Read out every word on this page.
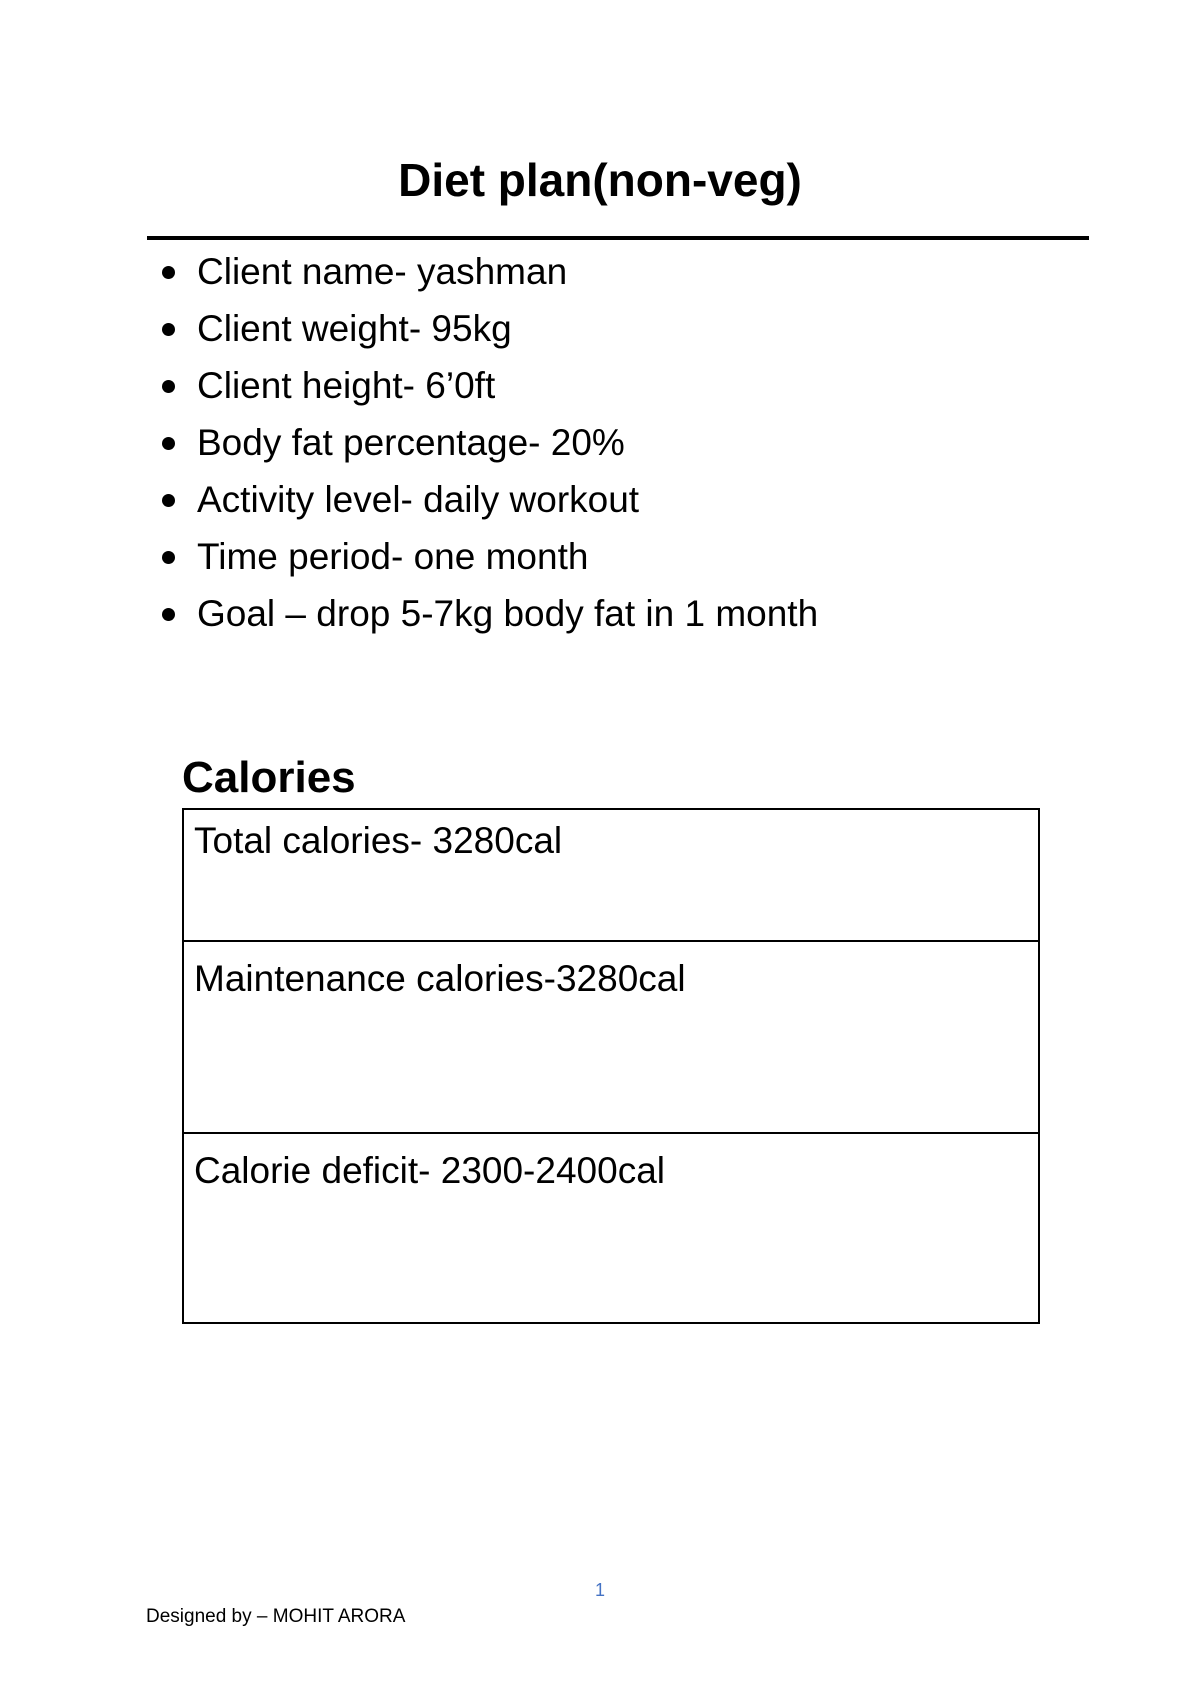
Diet plan(non-veg)
Client name- yashman
Client weight- 95kg
Client height- 6’0ft
Body fat percentage- 20%
Activity level- daily workout
Time period- one month
Goal – drop 5-7kg body fat in 1 month
Calories
Total calories- 3280cal
Maintenance calories-3280cal
Calorie deficit- 2300-2400cal
1
Designed by – MOHIT ARORA
